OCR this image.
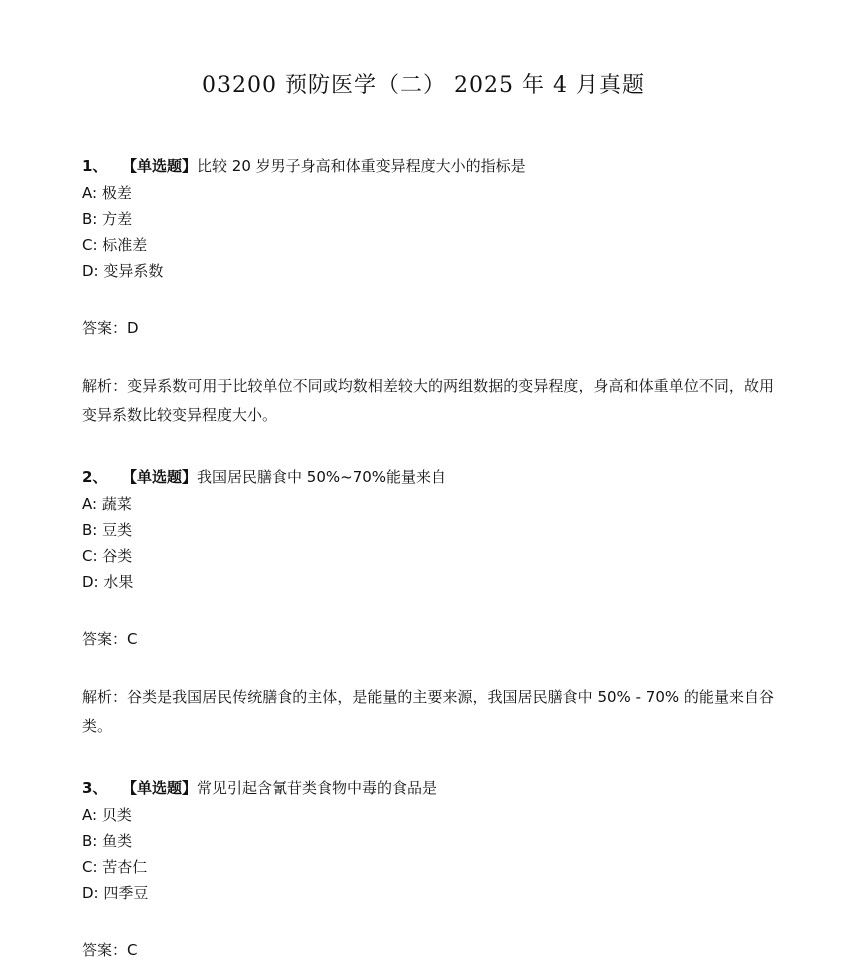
03200 预防医学（二） 2025 年 4 月真题
1、 【单选题】比较 20 岁男子身高和体重变异程度大小的指标是
A: 极差
B: 方差
C: 标准差
D: 变异系数
答案：D
解析：变异系数可用于比较单位不同或均数相差较大的两组数据的变异程度，身高和体重单位不同，故用变异系数比较变异程度大小。
2、 【单选题】我国居民膳食中 50%~70%能量来自
A: 蔬菜
B: 豆类
C: 谷类
D: 水果
答案：C
解析：谷类是我国居民传统膳食的主体，是能量的主要来源，我国居民膳食中 50% - 70% 的能量来自谷类。
3、 【单选题】常见引起含氰苷类食物中毒的食品是
A: 贝类
B: 鱼类
C: 苦杏仁
D: 四季豆
答案：C
